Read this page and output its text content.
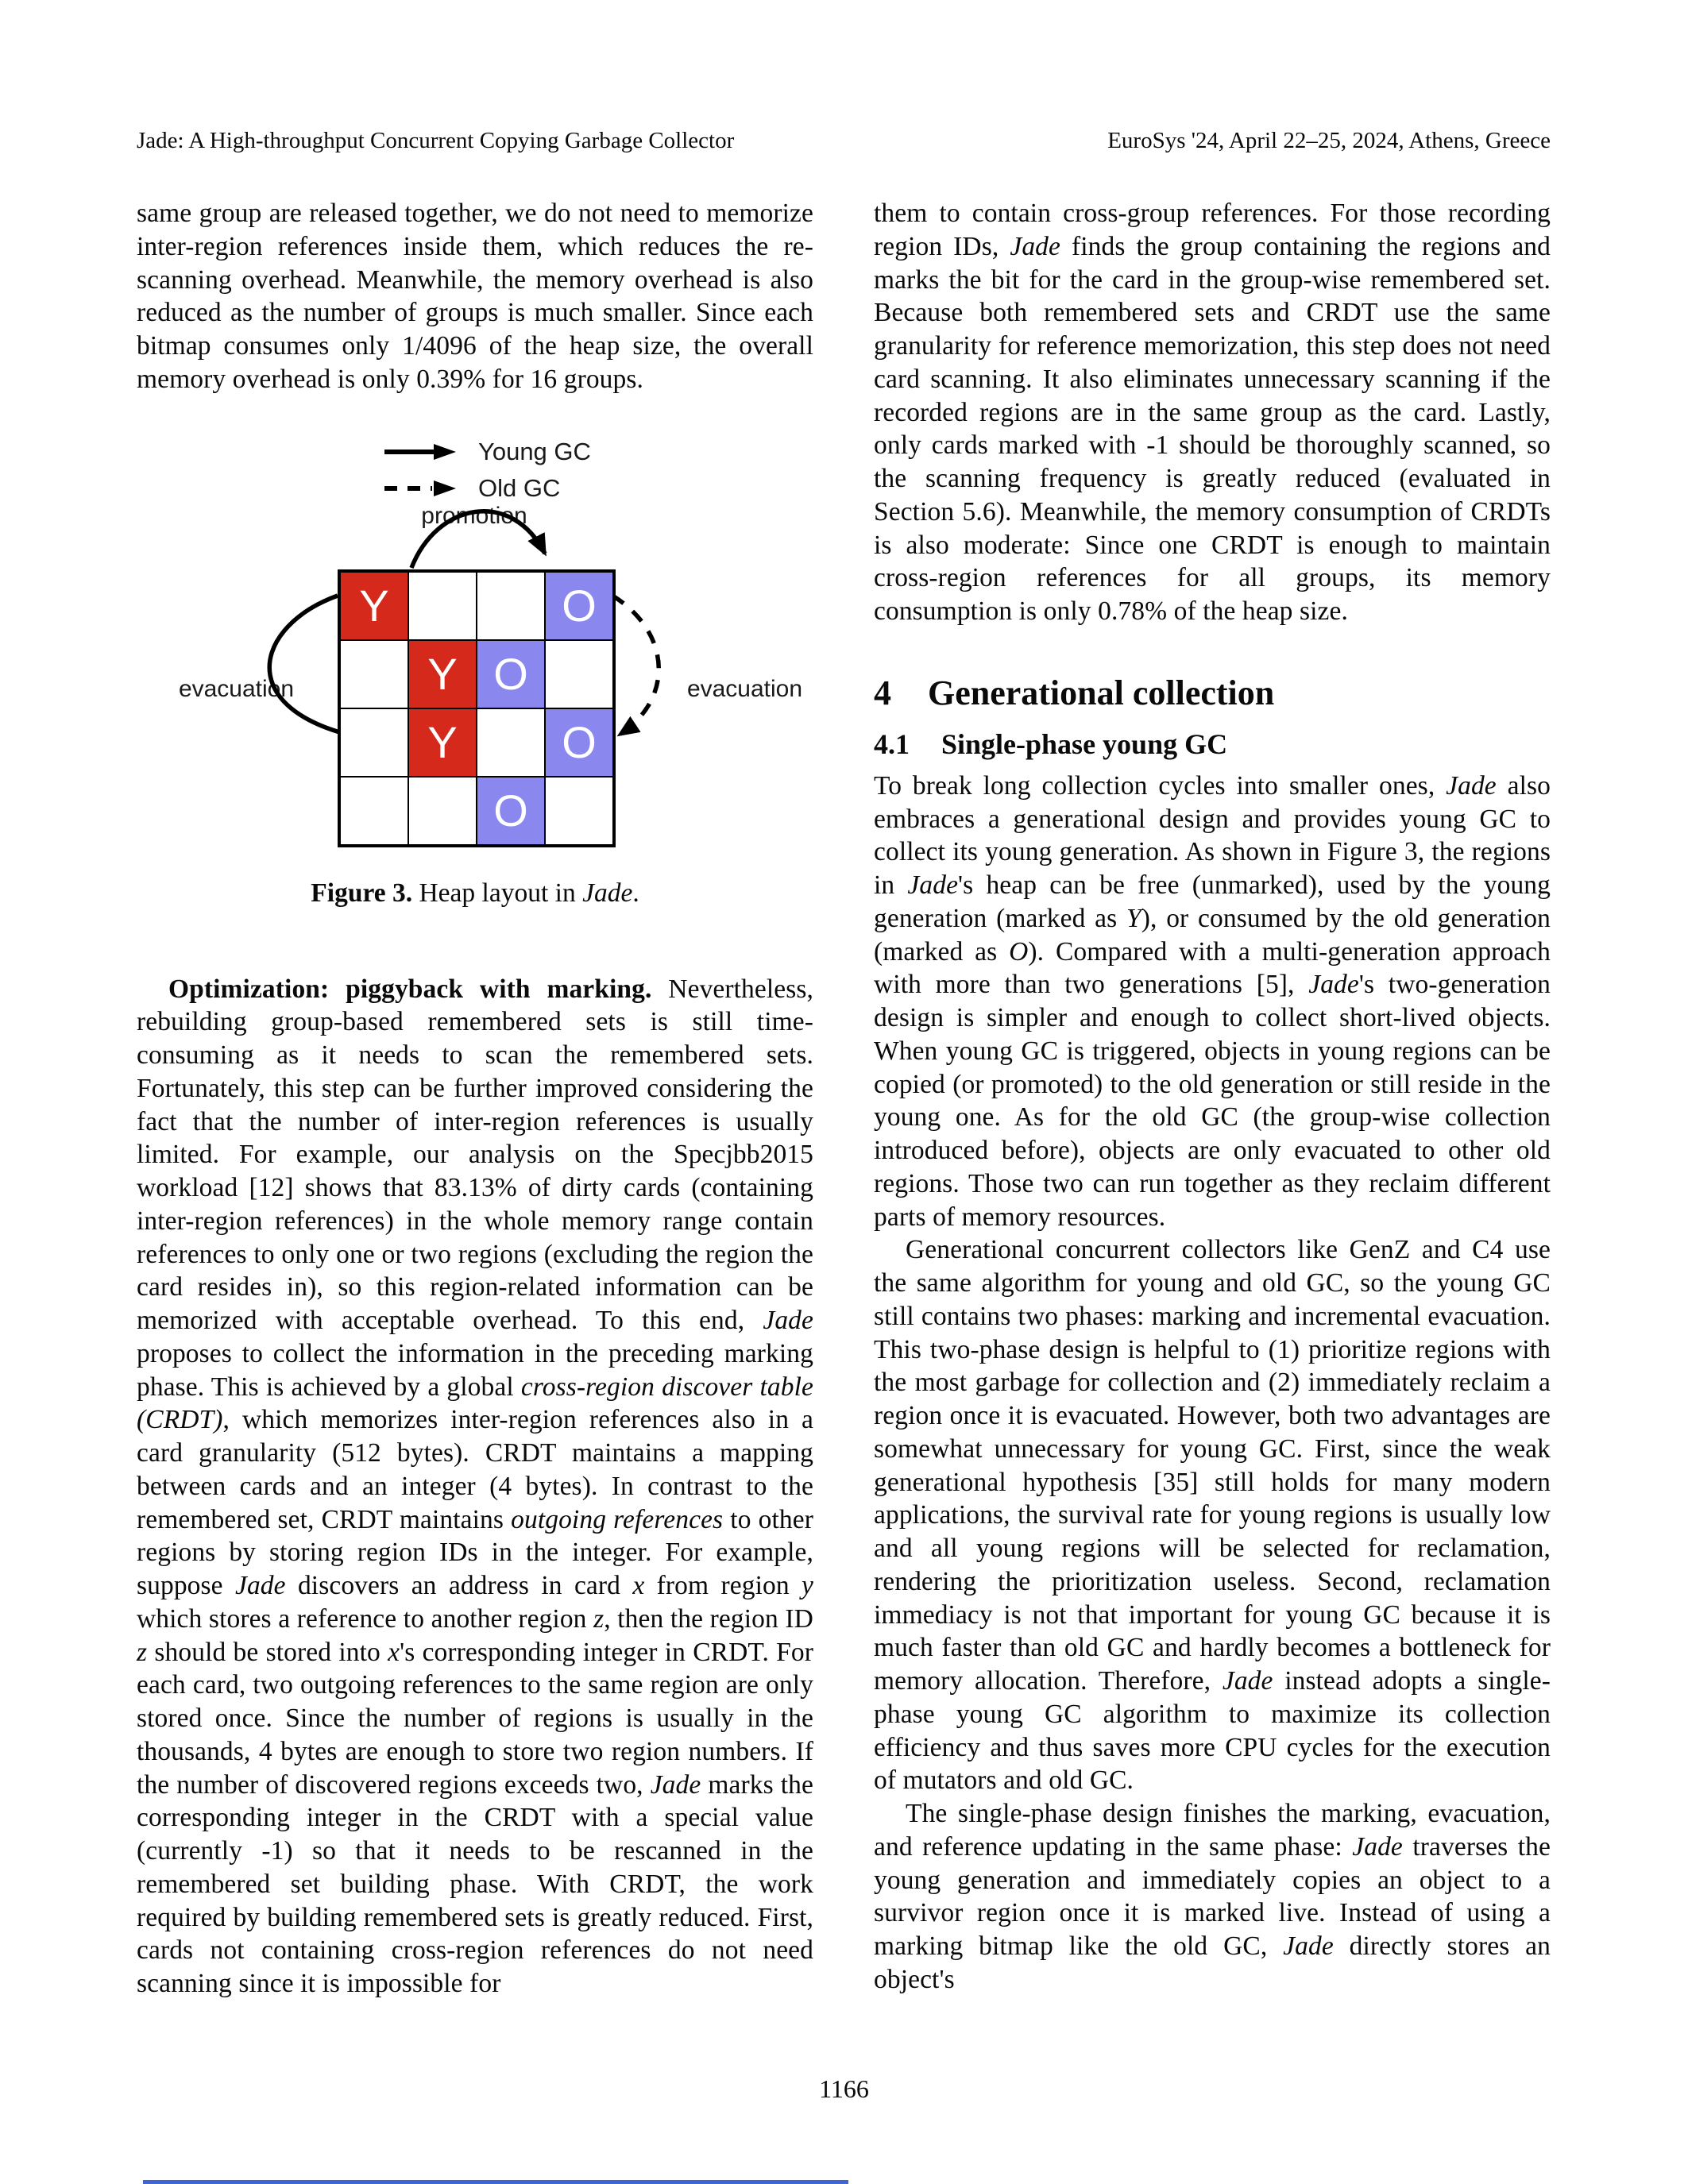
Jade: A High-throughput Concurrent Copying Garbage Collector	EuroSys '24, April 22–25, 2024, Athens, Greece

same group are released together, we do not need to memorize inter-region references inside them, which reduces the re-scanning overhead. Meanwhile, the memory overhead is also reduced as the number of groups is much smaller. Since each bitmap consumes only 1/4096 of the heap size, the overall memory overhead is only 0.39% for 16 groups.

Young GC
Old GC
promotion
evacuation	evacuation
Y	O
Y O
Y	O
O
Figure 3. Heap layout in Jade.

Optimization: piggyback with marking. Nevertheless, rebuilding group-based remembered sets is still time-consuming as it needs to scan the remembered sets. Fortunately, this step can be further improved considering the fact that the number of inter-region references is usually limited. For example, our analysis on the Specjbb2015 workload [12] shows that 83.13% of dirty cards (containing inter-region references) in the whole memory range contain references to only one or two regions (excluding the region the card resides in), so this region-related information can be memorized with acceptable overhead. To this end, Jade proposes to collect the information in the preceding marking phase. This is achieved by a global cross-region discover table (CRDT), which memorizes inter-region references also in a card granularity (512 bytes). CRDT maintains a mapping between cards and an integer (4 bytes). In contrast to the remembered set, CRDT maintains outgoing references to other regions by storing region IDs in the integer. For example, suppose Jade discovers an address in card x from region y which stores a reference to another region z, then the region ID z should be stored into x's corresponding integer in CRDT. For each card, two outgoing references to the same region are only stored once. Since the number of regions is usually in the thousands, 4 bytes are enough to store two region numbers. If the number of discovered regions exceeds two, Jade marks the corresponding integer in the CRDT with a special value (currently -1) so that it needs to be rescanned in the remembered set building phase. With CRDT, the work required by building remembered sets is greatly reduced. First, cards not containing cross-region references do not need scanning since it is impossible for

them to contain cross-group references. For those recording region IDs, Jade finds the group containing the regions and marks the bit for the card in the group-wise remembered set. Because both remembered sets and CRDT use the same granularity for reference memorization, this step does not need card scanning. It also eliminates unnecessary scanning if the recorded regions are in the same group as the card. Lastly, only cards marked with -1 should be thoroughly scanned, so the scanning frequency is greatly reduced (evaluated in Section 5.6). Meanwhile, the memory consumption of CRDTs is also moderate: Since one CRDT is enough to maintain cross-region references for all groups, its memory consumption is only 0.78% of the heap size.

4 Generational collection
4.1 Single-phase young GC

To break long collection cycles into smaller ones, Jade also embraces a generational design and provides young GC to collect its young generation. As shown in Figure 3, the regions in Jade's heap can be free (unmarked), used by the young generation (marked as Y), or consumed by the old generation (marked as O). Compared with a multi-generation approach with more than two generations [5], Jade's two-generation design is simpler and enough to collect short-lived objects. When young GC is triggered, objects in young regions can be copied (or promoted) to the old generation or still reside in the young one. As for the old GC (the group-wise collection introduced before), objects are only evacuated to other old regions. Those two can run together as they reclaim different parts of memory resources.

Generational concurrent collectors like GenZ and C4 use the same algorithm for young and old GC, so the young GC still contains two phases: marking and incremental evacuation. This two-phase design is helpful to (1) prioritize regions with the most garbage for collection and (2) immediately reclaim a region once it is evacuated. However, both two advantages are somewhat unnecessary for young GC. First, since the weak generational hypothesis [35] still holds for many modern applications, the survival rate for young regions is usually low and all young regions will be selected for reclamation, rendering the prioritization useless. Second, reclamation immediacy is not that important for young GC because it is much faster than old GC and hardly becomes a bottleneck for memory allocation. Therefore, Jade instead adopts a single-phase young GC algorithm to maximize its collection efficiency and thus saves more CPU cycles for the execution of mutators and old GC.

The single-phase design finishes the marking, evacuation, and reference updating in the same phase: Jade traverses the young generation and immediately copies an object to a survivor region once it is marked live. Instead of using a marking bitmap like the old GC, Jade directly stores an object's

1166
